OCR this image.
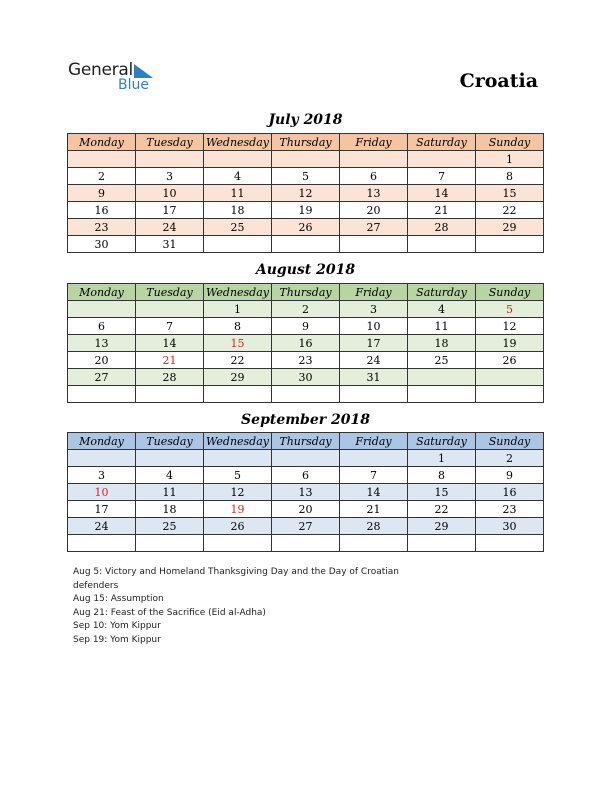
General
Blue	Croatia
July 2018
Monday	Tuesday	Wednesday	Thursday	Friday	Saturday	Sunday
						1
2	3	4	5	6	7	8
9	10	11	12	13	14	15
16	17	18	19	20	21	22
23	24	25	26	27	28	29
30	31					
August 2018
Monday	Tuesday	Wednesday	Thursday	Friday	Saturday	Sunday
		1	2	3	4	5
6	7	8	9	10	11	12
13	14	15	16	17	18	19
20	21	22	23	24	25	26
27	28	29	30	31		

September 2018
Monday	Tuesday	Wednesday	Thursday	Friday	Saturday	Sunday
					1	2
3	4	5	6	7	8	9
10	11	12	13	14	15	16
17	18	19	20	21	22	23
24	25	26	27	28	29	30

Aug 5: Victory and Homeland Thanksgiving Day and the Day of Croatian defenders
Aug 15: Assumption
Aug 21: Feast of the Sacrifice (Eid al-Adha)
Sep 10: Yom Kippur
Sep 19: Yom Kippur
